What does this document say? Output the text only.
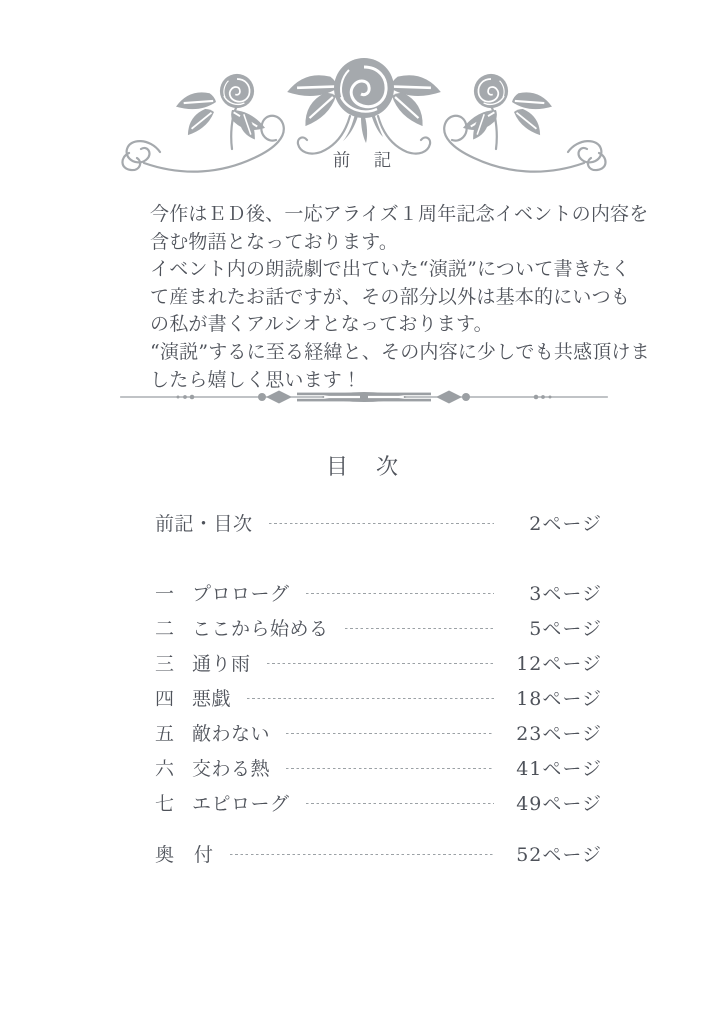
前　記
今作はＥＤ後、一応アライズ１周年記念イベントの内容を
含む物語となっております。
イベント内の朗読劇で出ていた“演説”について書きたく
て産まれたお話ですが、その部分以外は基本的にいつも
の私が書くアルシオとなっております。
“演説”するに至る経緯と、その内容に少しでも共感頂けま
したら嬉しく思います！
目　次
前記・目次	2ページ
一 プロローグ	3ページ
二 ここから始める	5ページ
三 通り雨	12ページ
四 悪戯	18ページ
五 敵わない	23ページ
六 交わる熱	41ページ
七 エピローグ	49ページ
奥　付	52ページ
